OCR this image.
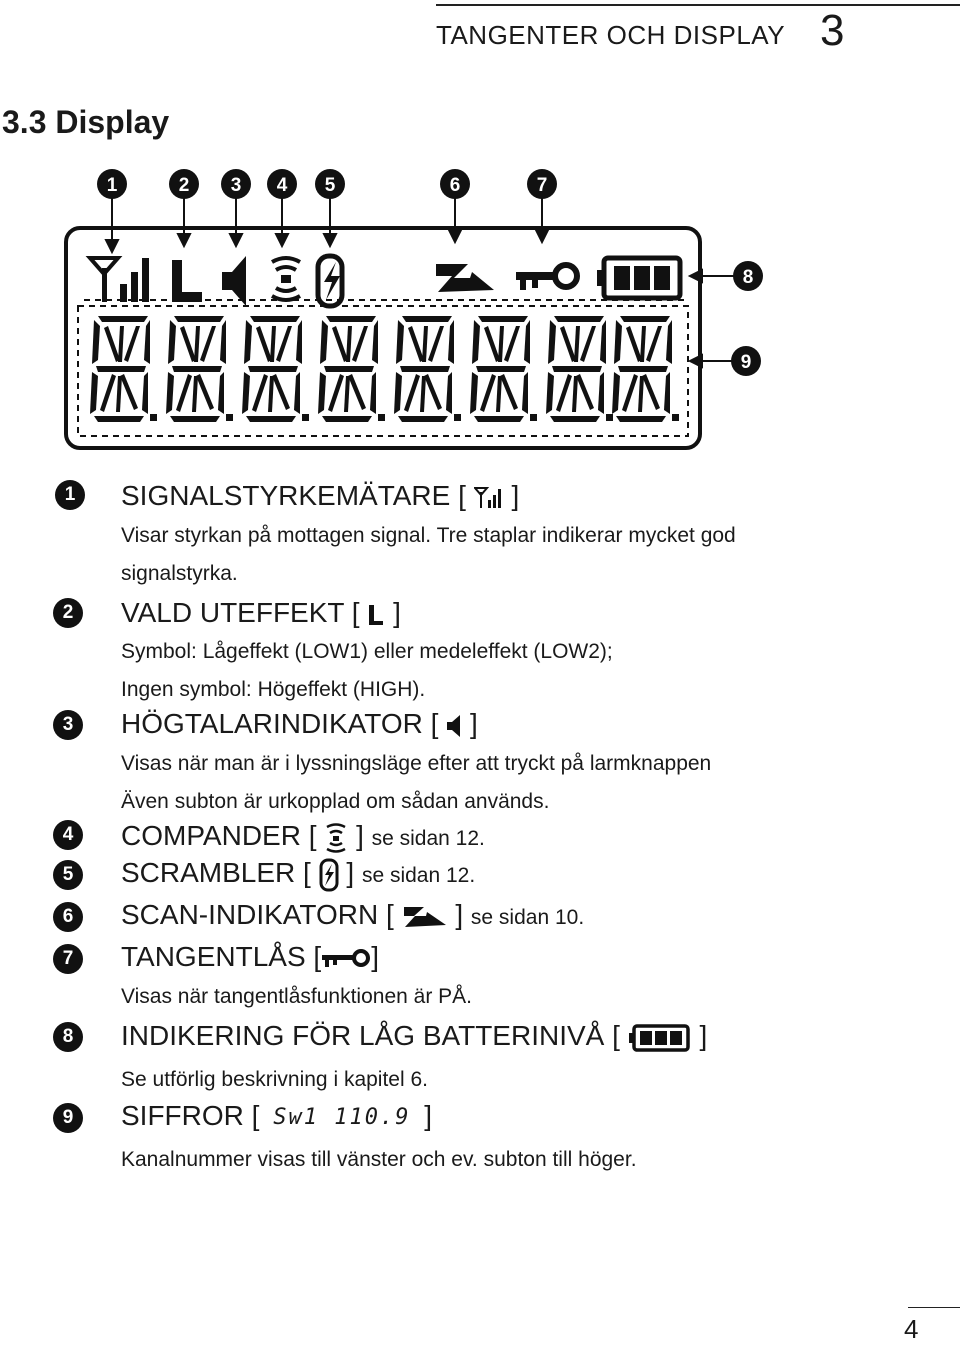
TANGENTER OCH DISPLAY 3
3.3 Display
1	2 3 4 5	6	7
8
9
1	SIGNALSTYRKEMÄTARE [ ]
Visar styrkan på mottagen signal. Tre staplar indikerar mycket god
signalstyrka.
2	VALD UTEFFEKT [ ]
Symbol: Lågeffekt (LOW1) eller medeleffekt (LOW2);
Ingen symbol: Högeffekt (HIGH).
3	HÖGTALARINDIKATOR [ ]
Visas när man är i lyssningsläge efter att tryckt på larmknappen
Även subton är urkopplad om sådan används.
4	COMPANDER [ ] se sidan 12.
5	SCRAMBLER [ ] se sidan 12.
6	SCAN-INDIKATORN [ ] se sidan 10.
7	TANGENTLÅS [ ]
Visas när tangentlåsfunktionen är PÅ.
8	INDIKERING FÖR LÅG BATTERINIVÅ [	]
Se utförlig beskrivning i kapitel 6.
9	SIFFROR [ Sw1 110.9 ]
Kanalnummer visas till vänster och ev. subton till höger.
4
